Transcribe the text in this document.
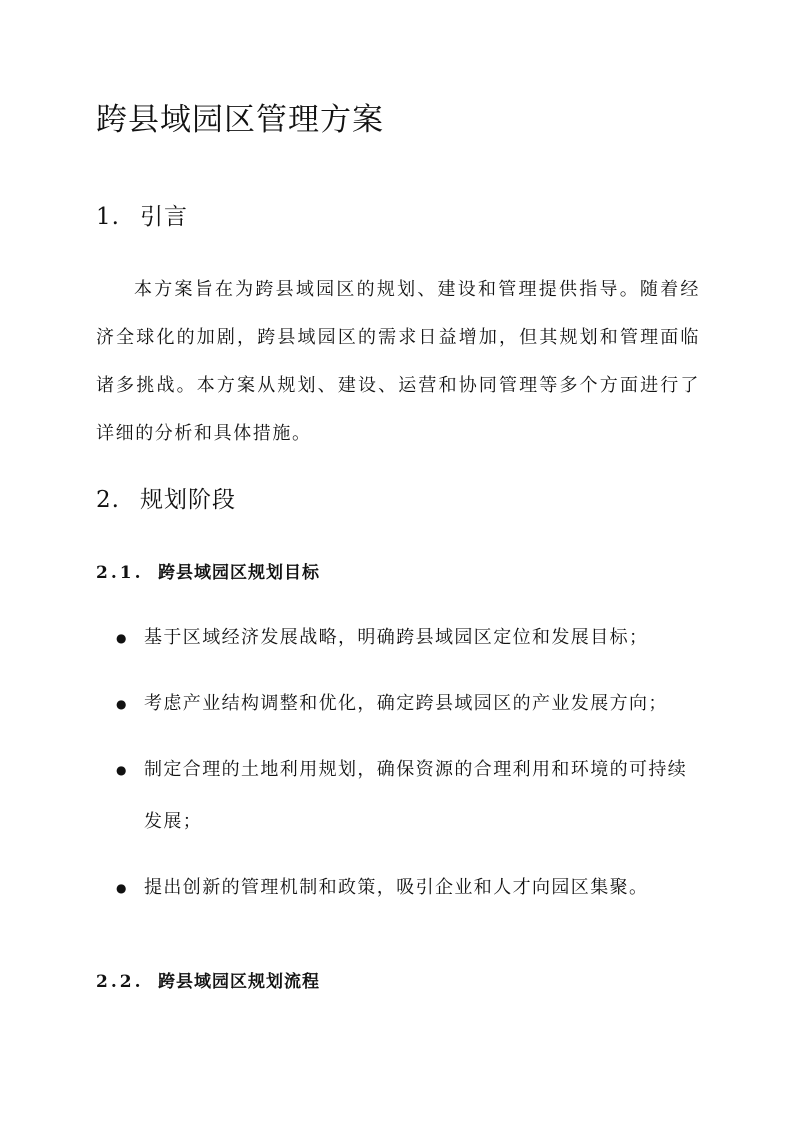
跨县域园区管理方案
1. 引言

本方案旨在为跨县域园区的规划、建设和管理提供指导。随着经济全球化的加剧，跨县域园区的需求日益增加，但其规划和管理面临诸多挑战。本方案从规划、建设、运营和协同管理等多个方面进行了详细的分析和具体措施。

2. 规划阶段
2.1. 跨县域园区规划目标
● 基于区域经济发展战略，明确跨县域园区定位和发展目标；
● 考虑产业结构调整和优化，确定跨县域园区的产业发展方向；
● 制定合理的土地利用规划，确保资源的合理利用和环境的可持续发展；
● 提出创新的管理机制和政策，吸引企业和人才向园区集聚。
2.2. 跨县域园区规划流程
